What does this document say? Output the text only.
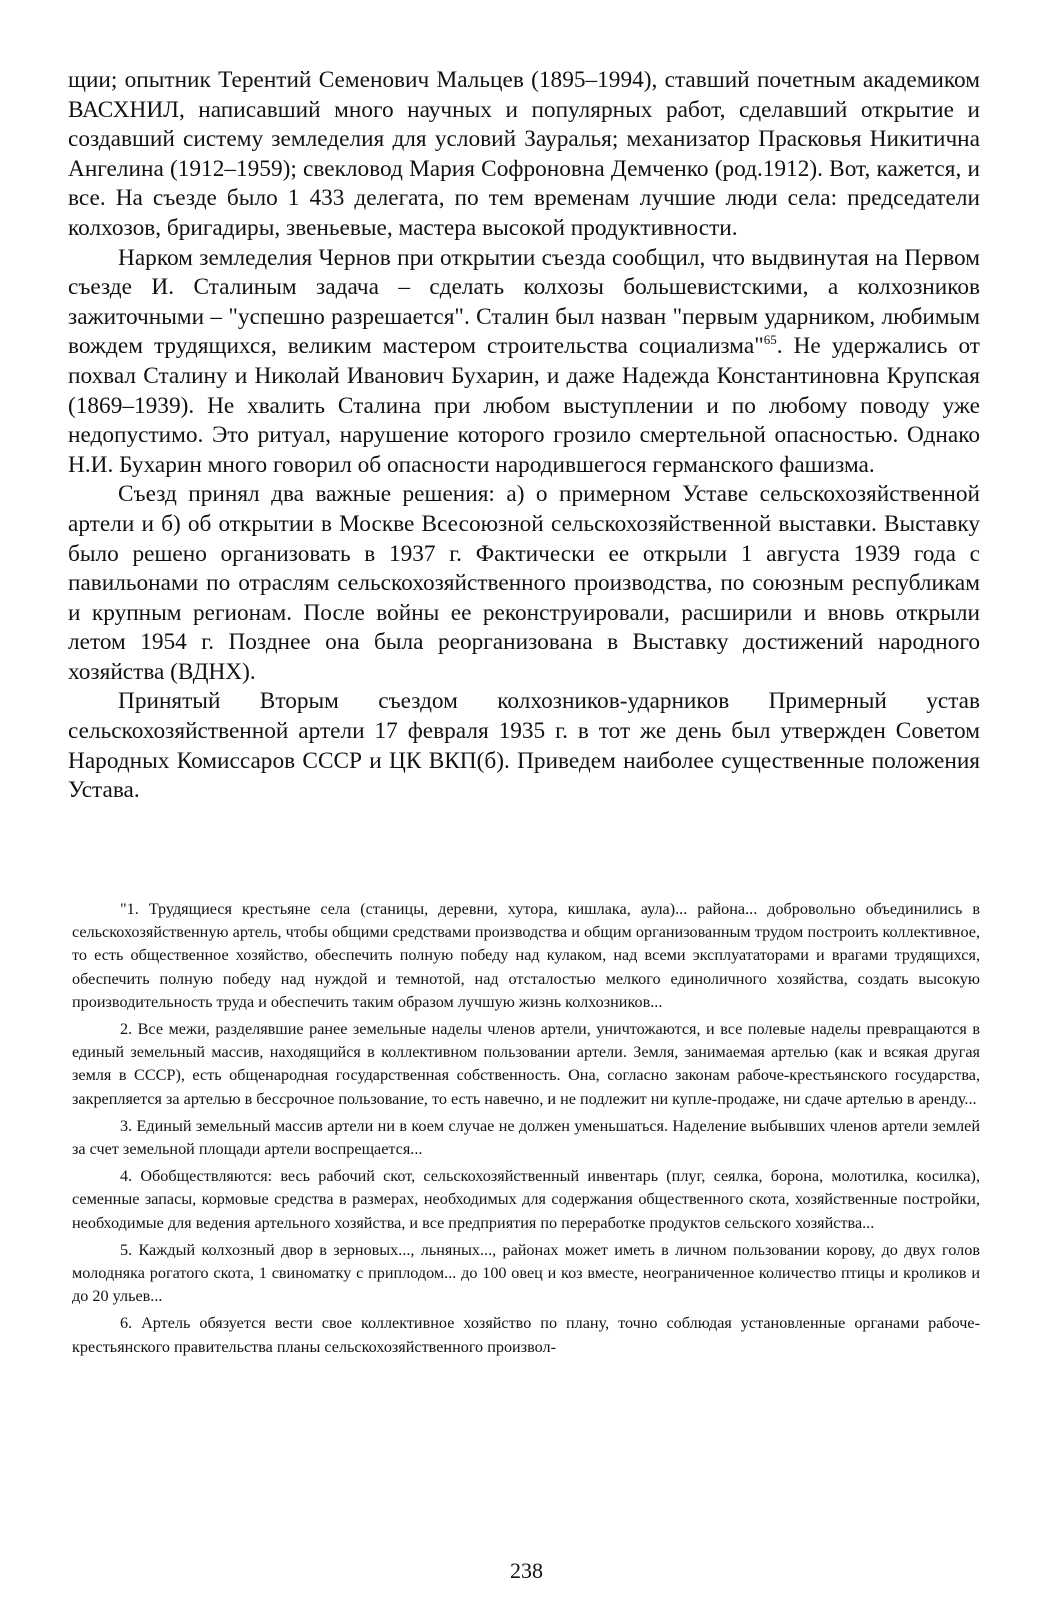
щии; опытник Терентий Семенович Мальцев (1895–1994), ставший почетным академиком ВАСХНИЛ, написавший много научных и популярных работ, сделавший открытие и создавший систему земледелия для условий Зауралья; механизатор Прасковья Никитична Ангелина (1912–1959); свекловод Мария Софроновна Демченко (род.1912). Вот, кажется, и все. На съезде было 1 433 делегата, по тем временам лучшие люди села: председатели колхозов, бригадиры, звеньевые, мастера высокой продуктивности.

Нарком земледелия Чернов при открытии съезда сообщил, что выдвинутая на Первом съезде И. Сталиным задача – сделать колхозы большевистскими, а колхозников зажиточными – "успешно разрешается". Сталин был назван "первым ударником, любимым вождем трудящихся, великим мастером строительства социализма"$^{65}$. Не удержались от похвал Сталину и Николай Иванович Бухарин, и даже Надежда Константиновна Крупская (1869–1939). Не хвалить Сталина при любом выступлении и по любому поводу уже недопустимо. Это ритуал, нарушение которого грозило смертельной опасностью. Однако Н.И. Бухарин много говорил об опасности народившегося германского фашизма.

Съезд принял два важные решения: а) о примерном Уставе сельскохозяйственной артели и б) об открытии в Москве Всесоюзной сельскохозяйственной выставки. Выставку было решено организовать в 1937 г. Фактически ее открыли 1 августа 1939 года с павильонами по отраслям сельскохозяйственного производства, по союзным республикам и крупным регионам. После войны ее реконструировали, расширили и вновь открыли летом 1954 г. Позднее она была реорганизована в Выставку достижений народного хозяйства (ВДНХ).

Принятый Вторым съездом колхозников-ударников Примерный устав сельскохозяйственной артели 17 февраля 1935 г. в тот же день был утвержден Советом Народных Комиссаров СССР и ЦК ВКП(б). Приведем наиболее существенные положения Устава.

"1. Трудящиеся крестьяне села (станицы, деревни, хутора, кишлака, аула)... района... добровольно объединились в сельскохозяйственную артель, чтобы общими средствами производства и общим организованным трудом построить коллективное, то есть общественное хозяйство, обеспечить полную победу над кулаком, над всеми эксплуататорами и врагами трудящихся, обеспечить полную победу над нуждой и темнотой, над отсталостью мелкого единоличного хозяйства, создать высокую производительность труда и обеспечить таким образом лучшую жизнь колхозников...

2. Все межи, разделявшие ранее земельные наделы членов артели, уничтожаются, и все полевые наделы превращаются в единый земельный массив, находящийся в коллективном пользовании артели. Земля, занимаемая артелью (как и всякая другая земля в СССР), есть общенародная государственная собственность. Она, согласно законам рабоче-крестьянского государства, закрепляется за артелью в бессрочное пользование, то есть навечно, и не подлежит ни купле-продаже, ни сдаче артелью в аренду...

3. Единый земельный массив артели ни в коем случае не должен уменьшаться. Наделение выбывших членов артели землей за счет земельной площади артели воспрещается...

4. Обобществляются: весь рабочий скот, сельскохозяйственный инвентарь (плуг, сеялка, борона, молотилка, косилка), семенные запасы, кормовые средства в размерах, необходимых для содержания общественного скота, хозяйственные постройки, необходимые для ведения артельного хозяйства, и все предприятия по переработке продуктов сельского хозяйства...

5. Каждый колхозный двор в зерновых..., льняных..., районах может иметь в личном пользовании корову, до двух голов молодняка рогатого скота, 1 свиноматку с приплодом... до 100 овец и коз вместе, неограниченное количество птицы и кроликов и до 20 ульев...

6. Артель обязуется вести свое коллективное хозяйство по плану, точно соблюдая установленные органами рабоче-крестьянского правительства планы сельскохозяйственного произвол-

238
